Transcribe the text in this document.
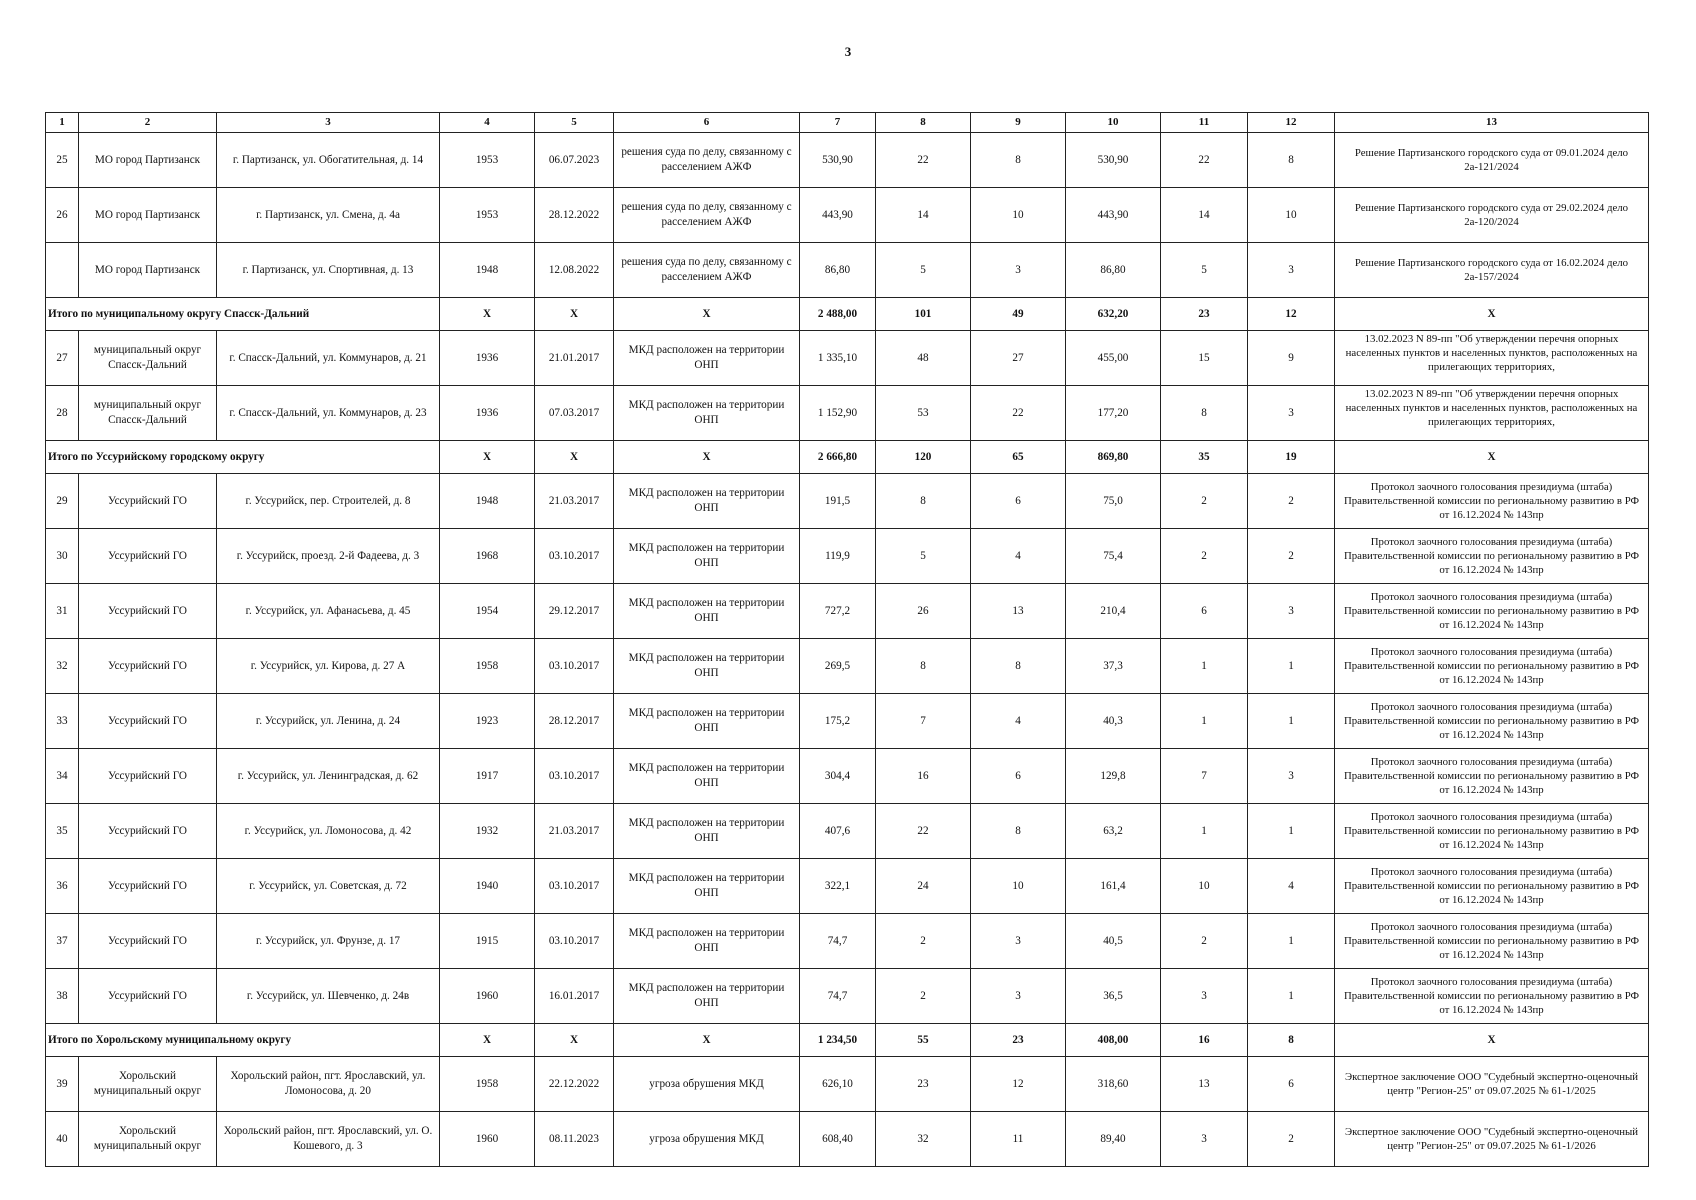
3
1	2	3	4	5	6	7	8	9	10	11	12	13
25	МО город Партизанск	г. Партизанск, ул. Обогатительная, д. 14	1953	06.07.2023	решения суда по делу, связанному с расселением АЖФ	530,90	22	8	530,90	22	8	Решение Партизанского городского суда от 09.01.2024 дело 2а-121/2024
26	МО город Партизанск	г. Партизанск, ул. Смена, д. 4а	1953	28.12.2022	решения суда по делу, связанному с расселением АЖФ	443,90	14	10	443,90	14	10	Решение Партизанского городского суда от 29.02.2024 дело 2а-120/2024
	МО город Партизанск	г. Партизанск, ул. Спортивная, д. 13	1948	12.08.2022	решения суда по делу, связанному с расселением АЖФ	86,80	5	3	86,80	5	3	Решение Партизанского городского суда от 16.02.2024 дело 2а-157/2024
Итого по муниципальному округу Спасск-Дальний			Х	Х	Х	2 488,00	101	49	632,20	23	12	Х
27	муниципальный округ Спасск-Дальний	г. Спасск-Дальний, ул. Коммунаров, д. 21	1936	21.01.2017	МКД расположен на территории ОНП	1 335,10	48	27	455,00	15	9	13.02.2023 N 89-пп "Об утверждении перечня опорных населенных пунктов и населенных пунктов, расположенных на прилегающих территориях,

28	муниципальный округ Спасск-Дальний	г. Спасск-Дальний, ул. Коммунаров, д. 23	1936	07.03.2017	МКД расположен на территории ОНП	1 152,90	53	22	177,20	8	3	13.02.2023 N 89-пп "Об утверждении перечня опорных населенных пунктов и населенных пунктов, расположенных на прилегающих территориях,

Итого по Уссурийскому городскому округу			Х	Х	Х	2 666,80	120	65	869,80	35	19	Х
29	Уссурийский ГО	г. Уссурийск, пер. Строителей, д. 8	1948	21.03.2017	МКД расположен на территории ОНП	191,5	8	6	75,0	2	2	Протокол заочного голосования президиума (штаба) Правительственной комиссии по региональному развитию в РФ от 16.12.2024 № 143пр
30	Уссурийский ГО	г. Уссурийск, проезд. 2-й Фадеева, д. 3	1968	03.10.2017	МКД расположен на территории ОНП	119,9	5	4	75,4	2	2	Протокол заочного голосования президиума (штаба) Правительственной комиссии по региональному развитию в РФ от 16.12.2024 № 143пр
31	Уссурийский ГО	г. Уссурийск, ул. Афанасьева, д. 45	1954	29.12.2017	МКД расположен на территории ОНП	727,2	26	13	210,4	6	3	Протокол заочного голосования президиума (штаба) Правительственной комиссии по региональному развитию в РФ от 16.12.2024 № 143пр
32	Уссурийский ГО	г. Уссурийск, ул. Кирова, д. 27 А	1958	03.10.2017	МКД расположен на территории ОНП	269,5	8	8	37,3	1	1	Протокол заочного голосования президиума (штаба) Правительственной комиссии по региональному развитию в РФ от 16.12.2024 № 143пр
33	Уссурийский ГО	г. Уссурийск, ул. Ленина, д. 24	1923	28.12.2017	МКД расположен на территории ОНП	175,2	7	4	40,3	1	1	Протокол заочного голосования президиума (штаба) Правительственной комиссии по региональному развитию в РФ от 16.12.2024 № 143пр
34	Уссурийский ГО	г. Уссурийск, ул. Ленинградская, д. 62	1917	03.10.2017	МКД расположен на территории ОНП	304,4	16	6	129,8	7	3	Протокол заочного голосования президиума (штаба) Правительственной комиссии по региональному развитию в РФ от 16.12.2024 № 143пр
35	Уссурийский ГО	г. Уссурийск, ул. Ломоносова, д. 42	1932	21.03.2017	МКД расположен на территории ОНП	407,6	22	8	63,2	1	1	Протокол заочного голосования президиума (штаба) Правительственной комиссии по региональному развитию в РФ от 16.12.2024 № 143пр
36	Уссурийский ГО	г. Уссурийск, ул. Советская, д. 72	1940	03.10.2017	МКД расположен на территории ОНП	322,1	24	10	161,4	10	4	Протокол заочного голосования президиума (штаба) Правительственной комиссии по региональному развитию в РФ от 16.12.2024 № 143пр
37	Уссурийский ГО	г. Уссурийск, ул. Фрунзе, д. 17	1915	03.10.2017	МКД расположен на территории ОНП	74,7	2	3	40,5	2	1	Протокол заочного голосования президиума (штаба) Правительственной комиссии по региональному развитию в РФ от 16.12.2024 № 143пр
38	Уссурийский ГО	г. Уссурийск, ул. Шевченко, д. 24в	1960	16.01.2017	МКД расположен на территории ОНП	74,7	2	3	36,5	3	1	Протокол заочного голосования президиума (штаба) Правительственной комиссии по региональному развитию в РФ от 16.12.2024 № 143пр
Итого по Хорольскому муниципальному округу			Х	Х	Х	1 234,50	55	23	408,00	16	8	Х
39	Хорольский муниципальный округ	Хорольский район, пгт. Ярославский, ул. Ломоносова, д. 20	1958	22.12.2022	угроза обрушения МКД	626,10	23	12	318,60	13	6	Экспертное заключение ООО "Судебный экспертно-оценочный центр "Регион-25" от 09.07.2025 № 61-1/2025
40	Хорольский муниципальный округ	Хорольский район, пгт. Ярославский, ул. О. Кошевого, д. 3	1960	08.11.2023	угроза обрушения МКД	608,40	32	11	89,40	3	2	Экспертное заключение ООО "Судебный экспертно-оценочный центр "Регион-25" от 09.07.2025 № 61-1/2026
